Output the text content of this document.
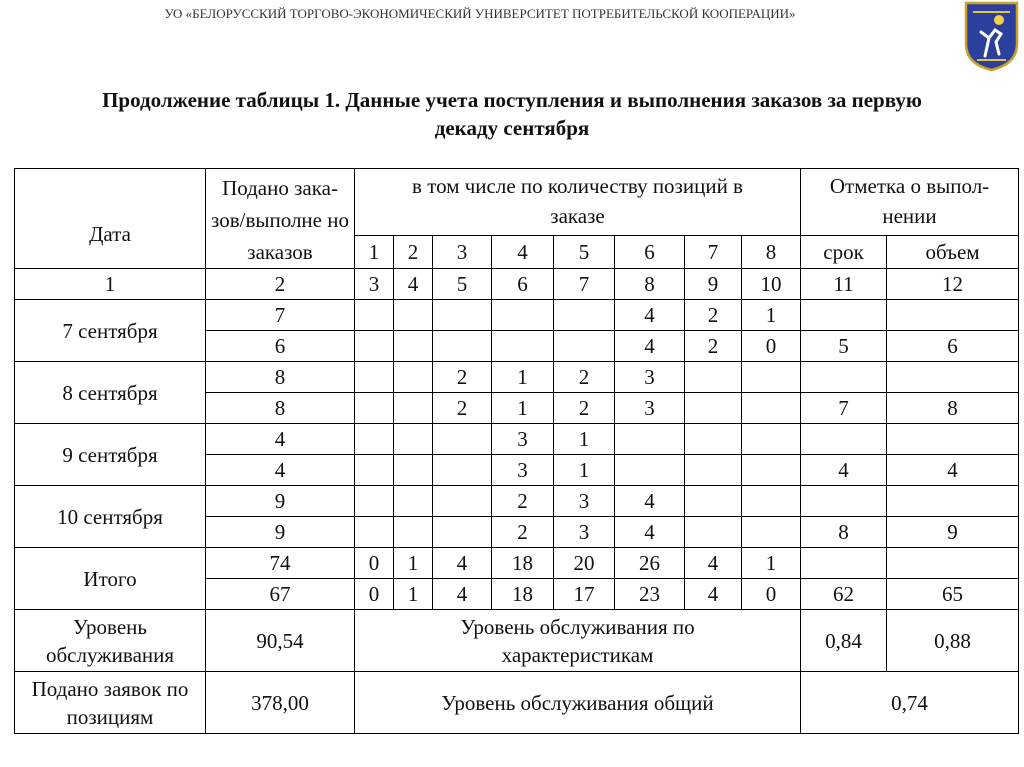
УО «БЕЛОРУССКИЙ ТОРГОВО-ЭКОНОМИЧЕСКИЙ УНИВЕРСИТЕТ ПОТРЕБИТЕЛЬСКОЙ КООПЕРАЦИИ»
Продолжение таблицы 1. Данные учета поступления и выполнения заказов за первую
декаду сентября
Дата	Подано зака-зов/выполне но заказов	в том числе по количеству позиций в заказе								Отметка о выпол-нении	
		1	2	3	4	5	6	7	8	срок	объем
1	2	3	4	5	6	7	8	9	10	11	12
7 сентября	7						4	2	1		
	6						4	2	0	5	6
8 сентября	8			2	1	2	3				
	8			2	1	2	3			7	8
9 сентября	4				3	1					
	4				3	1				4	4
10 сентября	9				2	3	4				
	9				2	3	4			8	9
Итого	74	0	1	4	18	20	26	4	1		
	67	0	1	4	18	17	23	4	0	62	65
Уровень обслуживания	90,54	Уровень обслуживания по характеристикам								0,84	0,88
Подано заявок по позициям	378,00	Уровень обслуживания общий								0,74	
